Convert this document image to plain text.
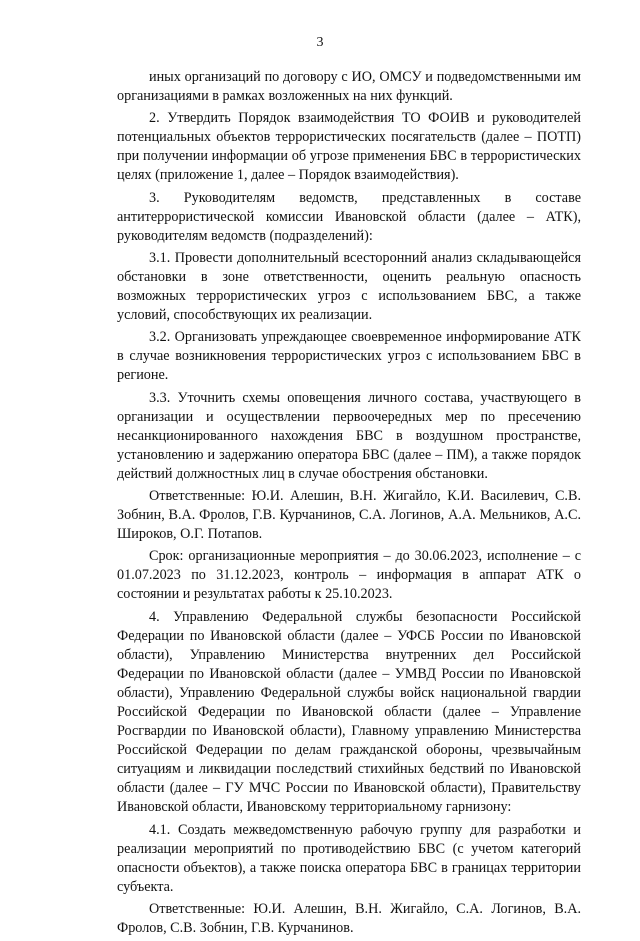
3

иных организаций по договору с ИО, ОМСУ и подведомственными им организациями в рамках возложенных на них функций.

2. Утвердить Порядок взаимодействия ТО ФОИВ и руководителей потенциальных объектов террористических посягательств (далее – ПОТП) при получении информации об угрозе применения БВС в террористических целях (приложение 1, далее – Порядок взаимодействия).

3. Руководителям ведомств, представленных в составе антитеррористической комиссии Ивановской области (далее – АТК), руководителям ведомств (подразделений):

3.1. Провести дополнительный всесторонний анализ складывающейся обстановки в зоне ответственности, оценить реальную опасность возможных террористических угроз с использованием БВС, а также условий, способствующих их реализации.

3.2. Организовать упреждающее своевременное информирование АТК в случае возникновения террористических угроз с использованием БВС в регионе.

3.3. Уточнить схемы оповещения личного состава, участвующего в организации и осуществлении первоочередных мер по пресечению несанкционированного нахождения БВС в воздушном пространстве, установлению и задержанию оператора БВС (далее – ПМ), а также порядок действий должностных лиц в случае обострения обстановки.

Ответственные: Ю.И. Алешин, В.Н. Жигайло, К.И. Василевич, С.В. Зобнин, В.А. Фролов, Г.В. Курчанинов, С.А. Логинов, А.А. Мельников, А.С. Широков, О.Г. Потапов.

Срок: организационные мероприятия – до 30.06.2023, исполнение – с 01.07.2023 по 31.12.2023, контроль – информация в аппарат АТК о состоянии и результатах работы к 25.10.2023.

4. Управлению Федеральной службы безопасности Российской Федерации по Ивановской области (далее – УФСБ России по Ивановской области), Управлению Министерства внутренних дел Российской Федерации по Ивановской области (далее – УМВД России по Ивановской области), Управлению Федеральной службы войск национальной гвардии Российской Федерации по Ивановской области (далее – Управление Росгвардии по Ивановской области), Главному управлению Министерства Российской Федерации по делам гражданской обороны, чрезвычайным ситуациям и ликвидации последствий стихийных бедствий по Ивановской области (далее – ГУ МЧС России по Ивановской области), Правительству Ивановской области, Ивановскому территориальному гарнизону:

4.1. Создать межведомственную рабочую группу для разработки и реализации мероприятий по противодействию БВС (с учетом категорий опасности объектов), а также поиска оператора БВС в границах территории субъекта.

Ответственные: Ю.И. Алешин, В.Н. Жигайло, С.А. Логинов, В.А. Фролов, С.В. Зобнин, Г.В. Курчанинов.
